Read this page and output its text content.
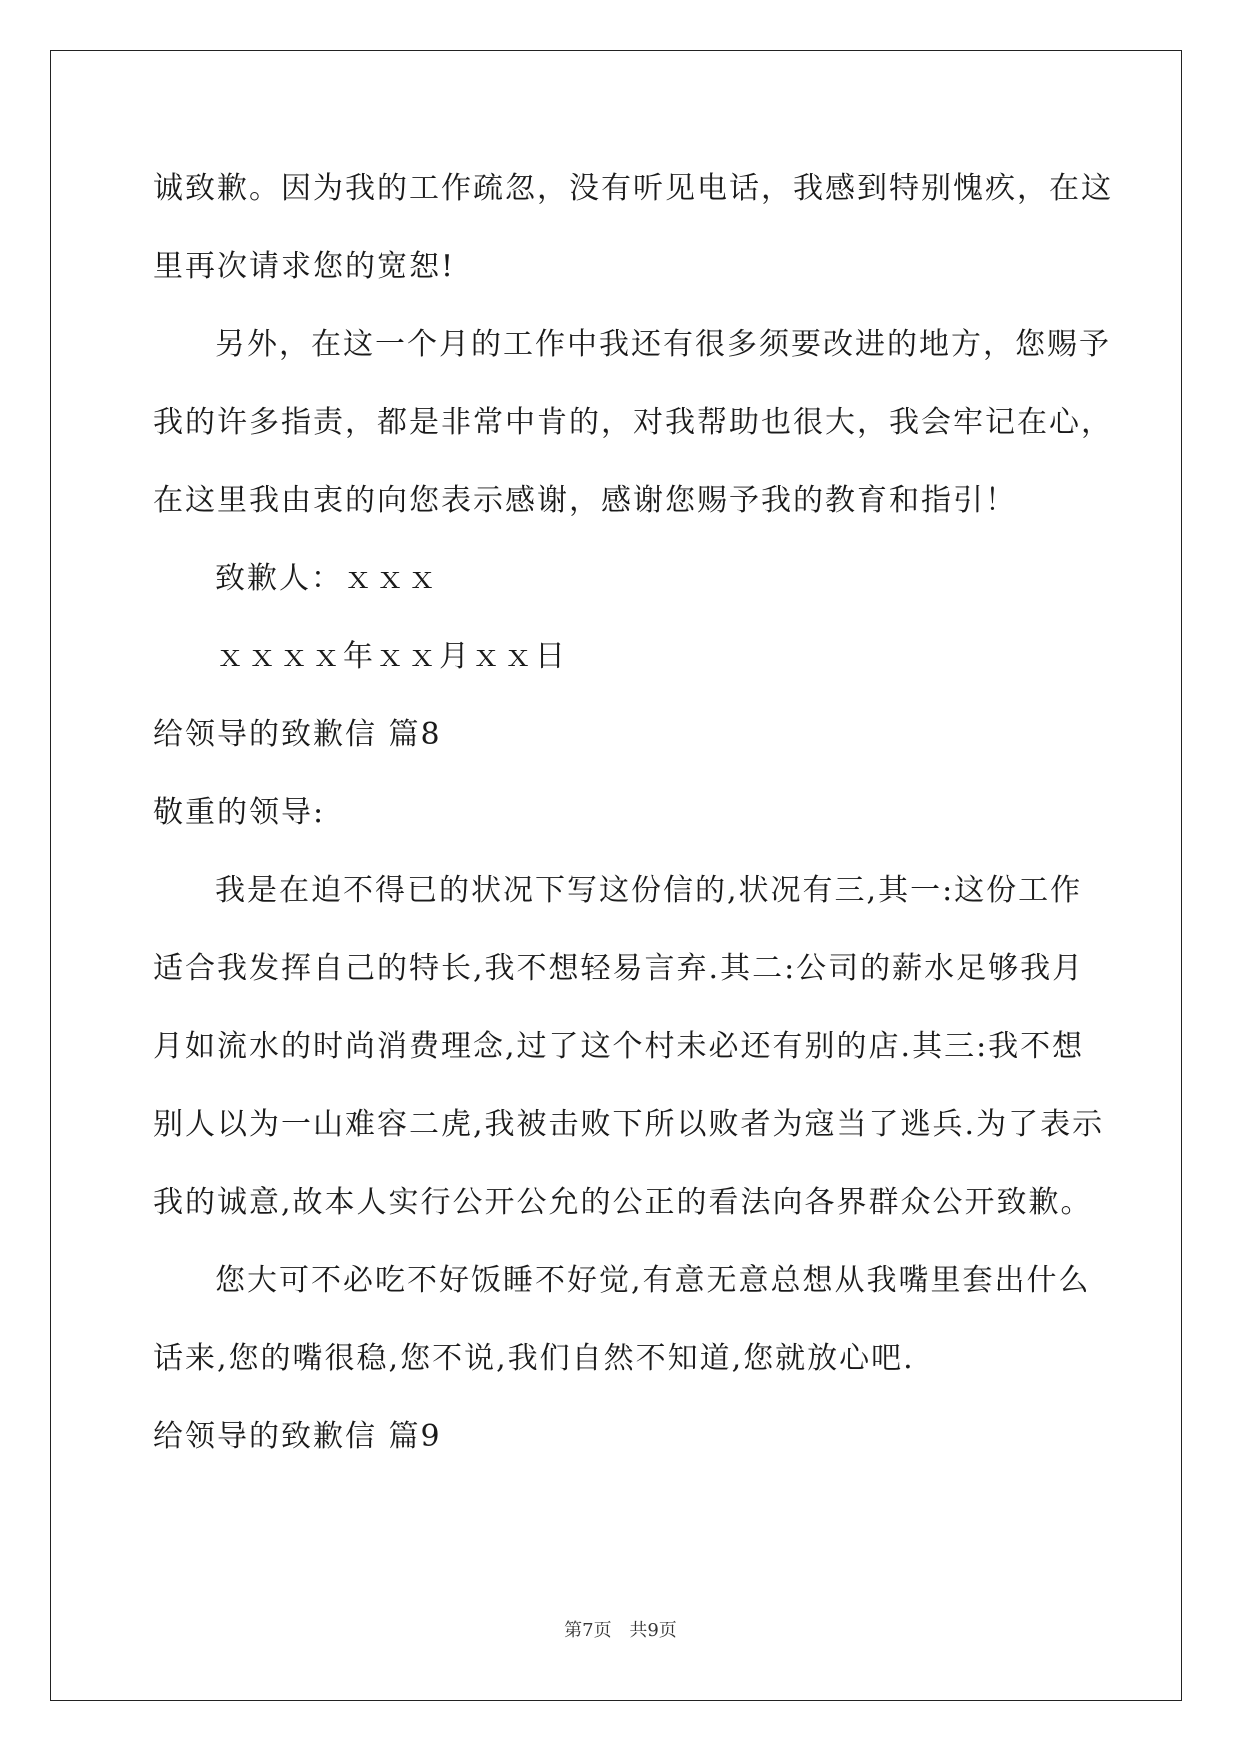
诚致歉。因为我的工作疏忽，没有听见电话，我感到特别愧疚，在这
里再次请求您的宽恕!
另外，在这一个月的工作中我还有很多须要改进的地方，您赐予
我的许多指责，都是非常中肯的，对我帮助也很大，我会牢记在心，
在这里我由衷的向您表示感谢，感谢您赐予我的教育和指引！
致歉人：ｘｘｘ
ｘｘｘｘ年ｘｘ月ｘｘ日
给领导的致歉信 篇8
敬重的领导:
我是在迫不得已的状况下写这份信的,状况有三,其一:这份工作
适合我发挥自己的特长,我不想轻易言弃.其二:公司的薪水足够我月
月如流水的时尚消费理念,过了这个村未必还有别的店.其三:我不想
别人以为一山难容二虎,我被击败下所以败者为寇当了逃兵.为了表示
我的诚意,故本人实行公开公允的公正的看法向各界群众公开致歉。
您大可不必吃不好饭睡不好觉,有意无意总想从我嘴里套出什么
话来,您的嘴很稳,您不说,我们自然不知道,您就放心吧.
给领导的致歉信 篇9
第7页 共9页
